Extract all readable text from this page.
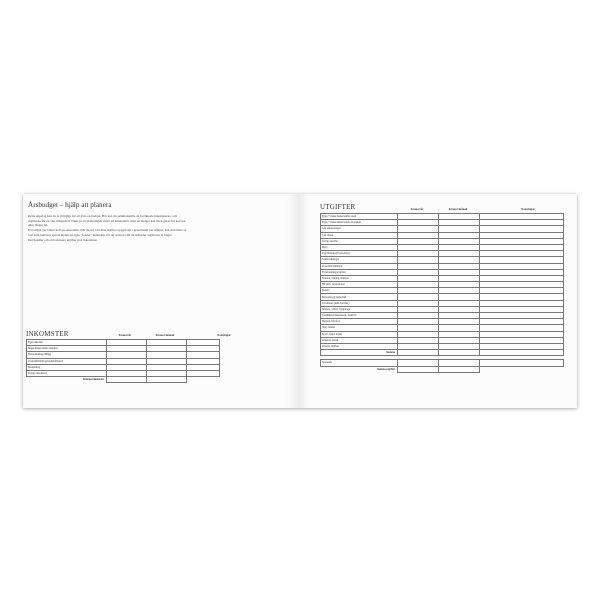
Årsbudget – hjälp att planera

Detta uppslag kan du ta till hjälp för att göra en budget. Här kan du sammanställa de beräknade inkomsterna, och utgifterna för en viss tidsperiod. Tänk på att planeringen avser ett kalenderår, men en budget kan även göras för kortare eller längre tid.

En budget ger bättre koll på ekonomin. När du ser vad dina utgifter uppgår till i genomsnitt per månad, kan du lättare se vart som behöver sparas undan på egna "fonder" månaden, för att sedan ta till de månader utgifterna är högre.

Det handlar om att balansera utgifter mot inkomsten.

INKOMSTER	Kronor/år	Kronor/månad	Noteringar
Egen inkomst			
Maka/make/sambo inkomst			
Bostadsbidrag/tillägg			
Underhållsbidrag/underhållsstöd			
Barnbidrag			
Övriga inkomster			
Summa inkomster			
UTGIFTER	Kronor/år	Kronor/månad	Noteringar
Egen + maka/make/sambo skatt			
Egen + maka/make/sambo kvarskatt			
Lån amorteringar			
Lån räntor			
Övriga skulder			
Hyra			
Uppvärmning/bostadsavg.			
Sakförsäkringar			
Personförsäkringar			
Fackföreningsavgifter			
Telefon, tidning, Internet			
Bil/drift, reparationer			
Bensin			
Barnomsorg/underhåll			
Livsmedel (inkl. luncher)			
Städare, vatten, hyrgarage			
Tandläkare/läkarbesök, medicin			
Hygien, hårvård			
Skor, kläder			
Sport, fritid, nöjen			
Alkohol, tobak			
Diverse utgifter			
Summa			

Sparande			
Summa utgifter			
